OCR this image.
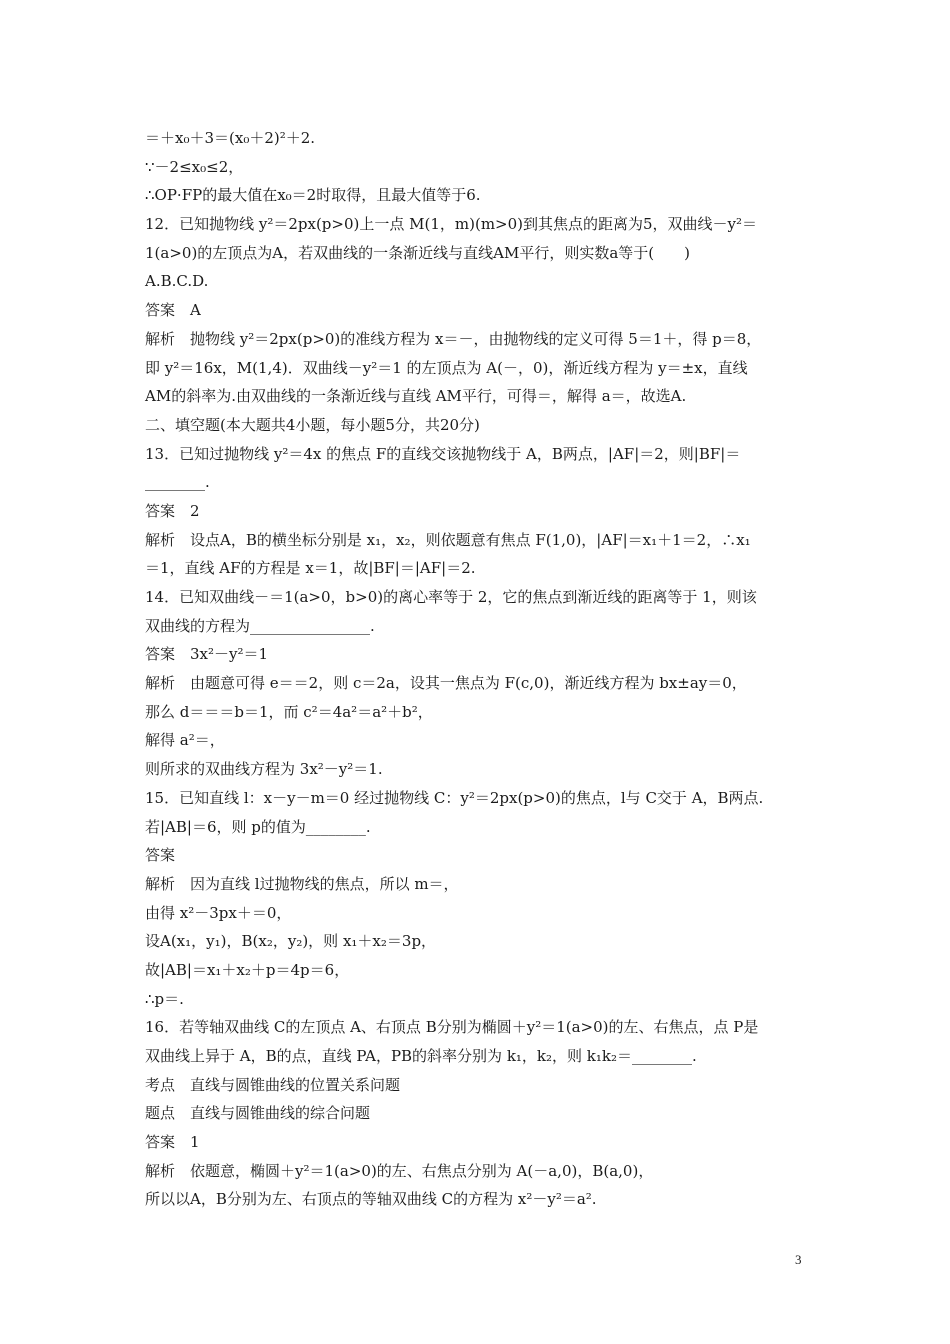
＝＋x₀＋3＝(x₀＋2)²＋2.
∵－2≤x₀≤2，
∴OP·FP的最大值在x₀＝2时取得，且最大值等于6.
12．已知抛物线 y²＝2px(p>0)上一点 M(1，m)(m>0)到其焦点的距离为5，双曲线－y²＝
1(a>0)的左顶点为A，若双曲线的一条渐近线与直线AM平行，则实数a等于(　　)
A.B.C.D.
答案　A
解析　抛物线 y²＝2px(p>0)的准线方程为 x＝－，由抛物线的定义可得 5＝1＋，得 p＝8，
即 y²＝16x，M(1,4)．双曲线－y²＝1 的左顶点为 A(－，0)，渐近线方程为 y＝±x，直线
AM的斜率为.由双曲线的一条渐近线与直线 AM平行，可得＝，解得 a＝，故选A.
二、填空题(本大题共4小题，每小题5分，共20分)
13．已知过抛物线 y²＝4x 的焦点 F的直线交该抛物线于 A，B两点，|AF|＝2，则|BF|＝
________.
答案　2
解析　设点A，B的横坐标分别是 x₁，x₂，则依题意有焦点 F(1,0)，|AF|＝x₁＋1＝2，∴x₁
＝1，直线 AF的方程是 x＝1，故|BF|＝|AF|＝2.
14．已知双曲线－＝1(a>0，b>0)的离心率等于 2，它的焦点到渐近线的距离等于 1，则该
双曲线的方程为________________.
答案　3x²－y²＝1
解析　由题意可得 e＝＝2，则 c＝2a，设其一焦点为 F(c,0)，渐近线方程为 bx±ay＝0，
那么 d＝＝＝b＝1，而 c²＝4a²＝a²＋b²，
解得 a²＝，
则所求的双曲线方程为 3x²－y²＝1.
15．已知直线 l：x－y－m＝0 经过抛物线 C：y²＝2px(p>0)的焦点，l与 C交于 A，B两点.
若|AB|＝6，则 p的值为________.
答案
解析　因为直线 l过抛物线的焦点，所以 m＝，
由得 x²－3px＋＝0，
设A(x₁，y₁)，B(x₂，y₂)，则 x₁＋x₂＝3p，
故|AB|＝x₁＋x₂＋p＝4p＝6，
∴p＝.
16．若等轴双曲线 C的左顶点 A、右顶点 B分别为椭圆＋y²＝1(a>0)的左、右焦点，点 P是
双曲线上异于 A，B的点，直线 PA，PB的斜率分别为 k₁，k₂，则 k₁k₂＝________.
考点　直线与圆锥曲线的位置关系问题
题点　直线与圆锥曲线的综合问题
答案　1
解析　依题意，椭圆＋y²＝1(a>0)的左、右焦点分别为 A(－a,0)，B(a,0)，
所以以A，B分别为左、右顶点的等轴双曲线 C的方程为 x²－y²＝a².
3
